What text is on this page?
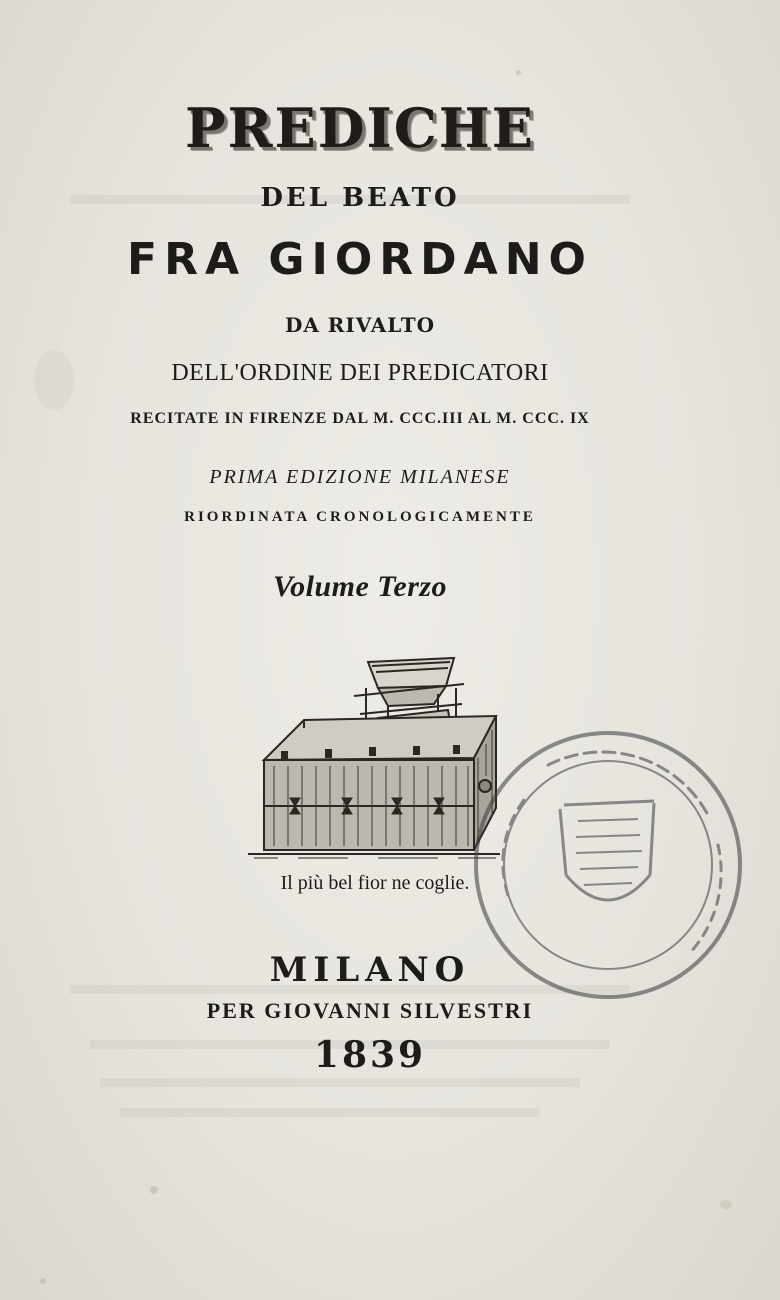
PREDICHE
DEL BEATO
FRA GIORDANO
DA RIVALTO
DELL'ORDINE DEI PREDICATORI
RECITATE IN FIRENZE DAL M. CCC.III AL M. CCC. IX
PRIMA EDIZIONE MILANESE
RIORDINATA CRONOLOGICAMENTE
Volume Terzo
Il più bel fior ne coglie.
MILANO
PER GIOVANNI SILVESTRI
1839
